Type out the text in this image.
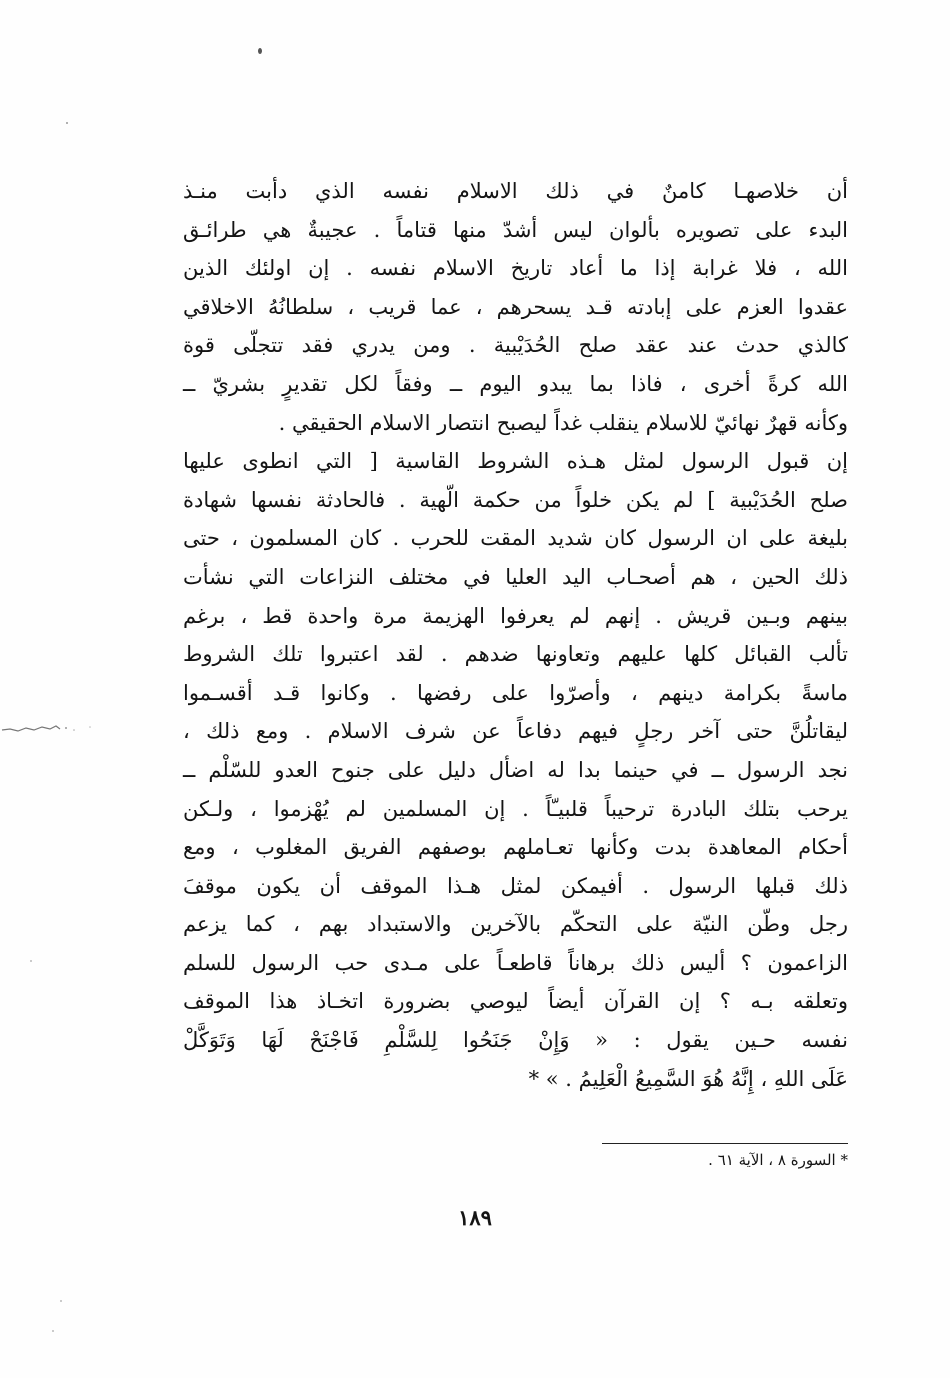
أن خلاصهـا كامنٌ في ذلك الاسلام نفسه الذي دأبت منـذ
البدء على تصويره بألوان ليس أشدّ منها قتاماً . عجيبةٌ هي طرائـق
الله ، فلا غرابة إذا ما أعاد تاريخ الاسلام نفسه . إن اولئك الذين
عقدوا العزم على إبادته قـد يسحرهم ، عما قريب ، سلطانُهُ الاخلاقي
كالذي حدث عند عقد صلح الحُدَيْبية . ومن يدري فقد تتجلّى قوة
الله كرةً أخرى ، فاذا بما يبدو اليوم ــ وفقاً لكل تقديرٍ بشريّ ــ
وكأنه قهرٌ نهائيّ للاسلام ينقلب غداً ليصبح انتصار الاسلام الحقيقي .
إن قبول الرسول لمثل هـذه الشروط القاسية [ التي انطوى عليها
صلح الحُدَيْبية ] لم يكن خلواً من حكمة الّهية . فالحادثة نفسها شهادة
بليغة على ان الرسول كان شديد المقت للحرب . كان المسلمون ، حتى
ذلك الحين ، هم أصحـاب اليد العليا في مختلف النزاعات التي نشأت
بينهم وبـين قريش . إنهم لم يعرفوا الهزيمة مرة واحدة قط ، برغم
تألب القبائل كلها عليهم وتعاونها ضدهم . لقد اعتبروا تلك الشروط
ماسةً بكرامة دينهم ، وأصرّوا على رفضها . وكانوا قـد أقسـموا
ليقاتلُنَّ حتى آخر رجلٍ فيهم دفاعاً عن شرف الاسلام . ومع ذلك ،
نجد الرسول ــ في حينما بدا له اضأل دليل على جنوح العدو للسّلْم ــ
يرحب بتلك البادرة ترحيباً قلبيـّاً . إن المسلمين لم يُهْزموا ، ولـكن
أحكام المعاهدة بدت وكأنها تعـاملهم بوصفهم الفريق المغلوب ، ومع
ذلك قبلها الرسول . أفيمكن لمثل هـذا الموقف أن يكون موقفَ
رجل وطّن النيّة على التحكّم بالآخرين والاستبداد بهم ، كما يزعم
الزاعمون ؟ أليس ذلك برهاناً قاطعـاً على مـدى حب الرسول للسلم
وتعلقه بـه ؟ إن القرآن أيضاً ليوصي بضرورة اتخـاذ هذا الموقف
نفسه حـين يقول : « وَإِنْ جَنَحُوا لِلسَّلْمِ فَاجْنَحْ لَهَا وَتَوَكَّلْ
عَلَى اللهِ ، إِنَّهُ هُوَ السَّمِيعُ الْعَلِيمُ . » *
* السورة ٨ ، الآية ٦١ .
١٨٩
